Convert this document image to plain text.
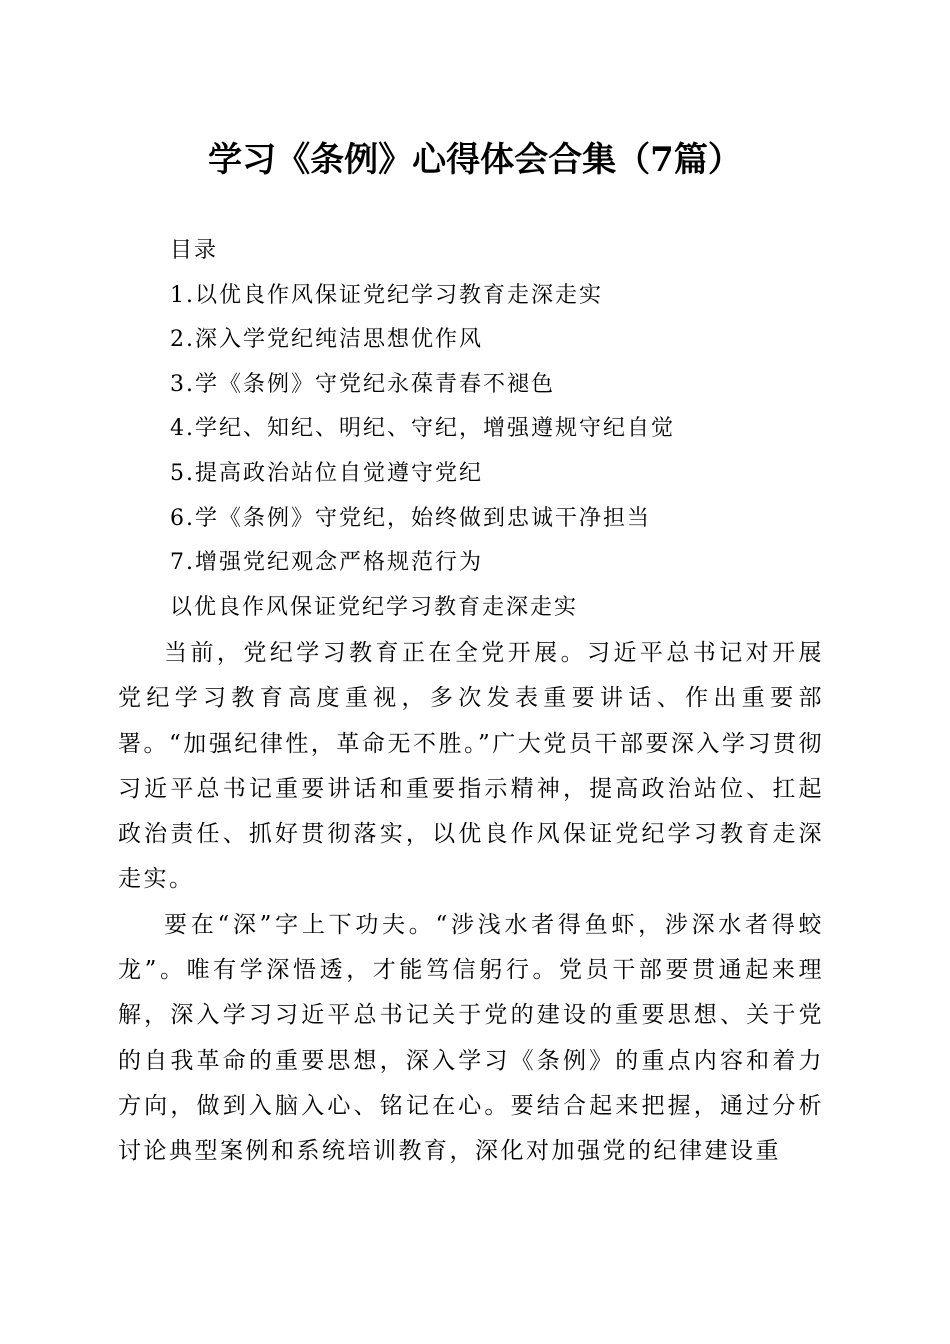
学习《条例》心得体会合集（7篇）
目录
1.以优良作风保证党纪学习教育走深走实
2.深入学党纪纯洁思想优作风
3.学《条例》守党纪永葆青春不褪色
4.学纪、知纪、明纪、守纪，增强遵规守纪自觉
5.提高政治站位自觉遵守党纪
6.学《条例》守党纪，始终做到忠诚干净担当
7.增强党纪观念严格规范行为
以优良作风保证党纪学习教育走深走实

当前，党纪学习教育正在全党开展。习近平总书记对开展党纪学习教育高度重视，多次发表重要讲话、作出重要部署。“加强纪律性，革命无不胜。”广大党员干部要深入学习贯彻习近平总书记重要讲话和重要指示精神，提高政治站位、扛起政治责任、抓好贯彻落实，以优良作风保证党纪学习教育走深走实。

要在“深”字上下功夫。“涉浅水者得鱼虾，涉深水者得蛟龙”。唯有学深悟透，才能笃信躬行。党员干部要贯通起来理解，深入学习习近平总书记关于党的建设的重要思想、关于党的自我革命的重要思想，深入学习《条例》的重点内容和着力方向，做到入脑入心、铭记在心。要结合起来把握，通过分析讨论典型案例和系统培训教育，深化对加强党的纪律建设重
